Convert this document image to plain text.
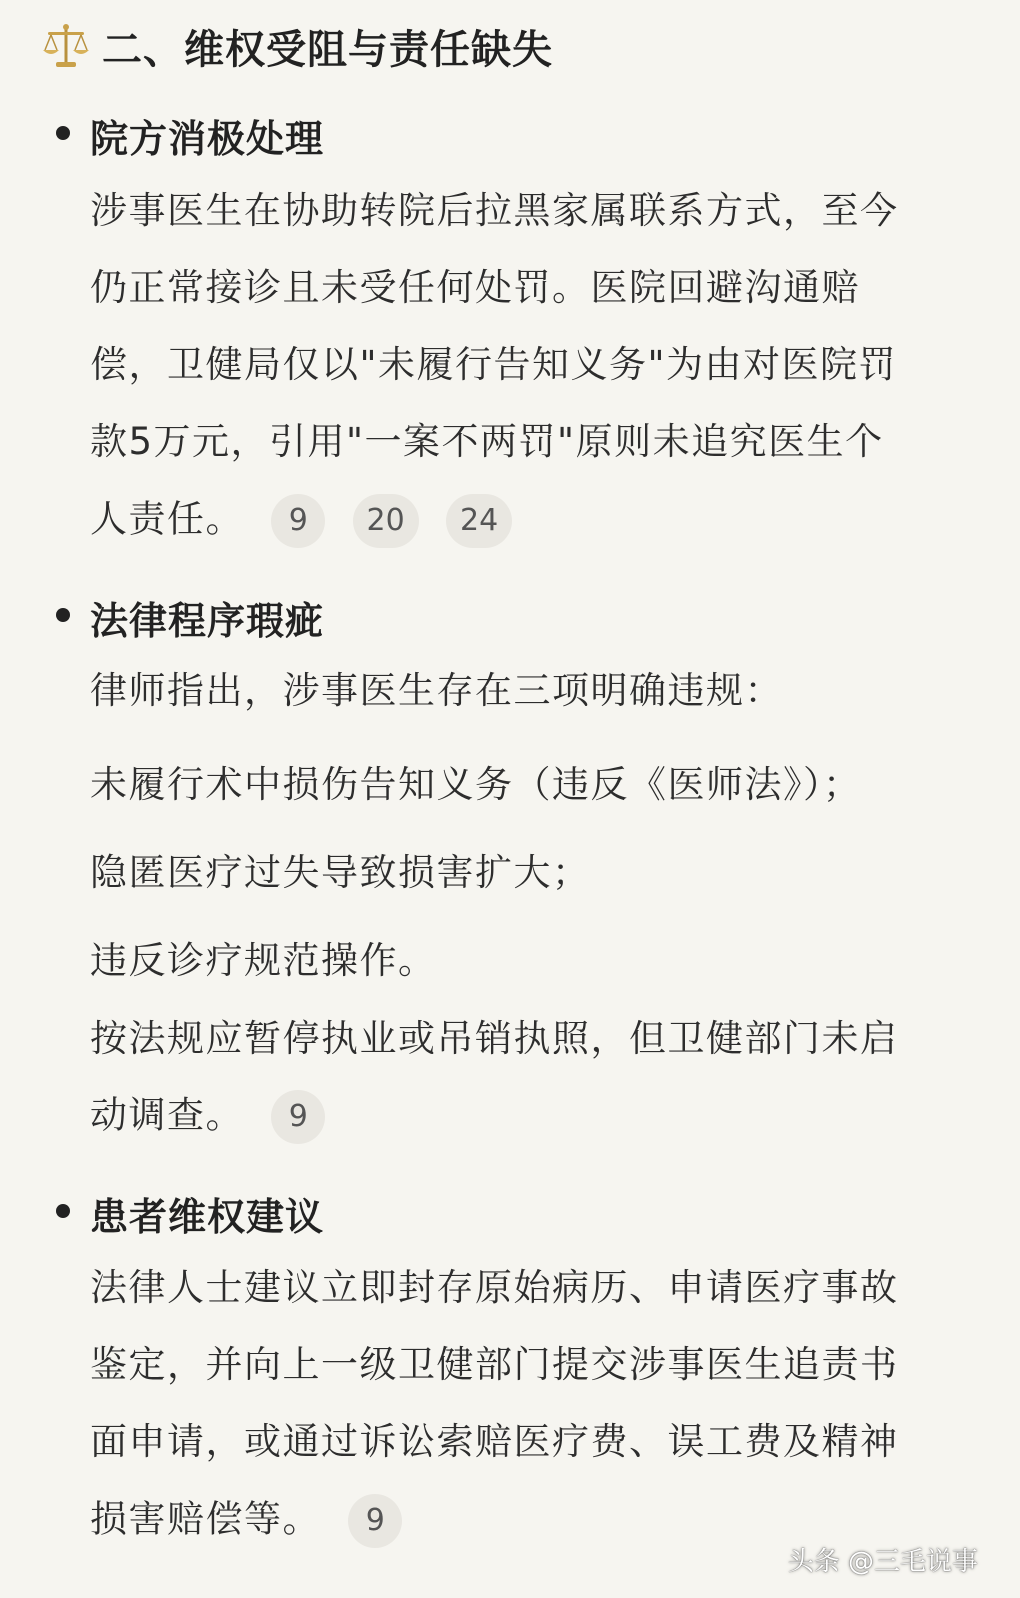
二、维权受阻与责任缺失
院方消极处理
涉事医生在协助转院后拉黑家属联系方式，至今
仍正常接诊且未受任何处罚。医院回避沟通赔
偿，卫健局仅以"未履行告知义务"为由对医院罚
款5万元，引用"一案不两罚"原则未追究医生个
人责任。 9 20 24
法律程序瑕疵
律师指出，涉事医生存在三项明确违规：
未履行术中损伤告知义务（违反《医师法》）；
隐匿医疗过失导致损害扩大；
违反诊疗规范操作。
按法规应暂停执业或吊销执照，但卫健部门未启
动调查。 9
患者维权建议
法律人士建议立即封存原始病历、申请医疗事故
鉴定，并向上一级卫健部门提交涉事医生追责书
面申请，或通过诉讼索赔医疗费、误工费及精神
损害赔偿等。 9
头条 @三毛说事
